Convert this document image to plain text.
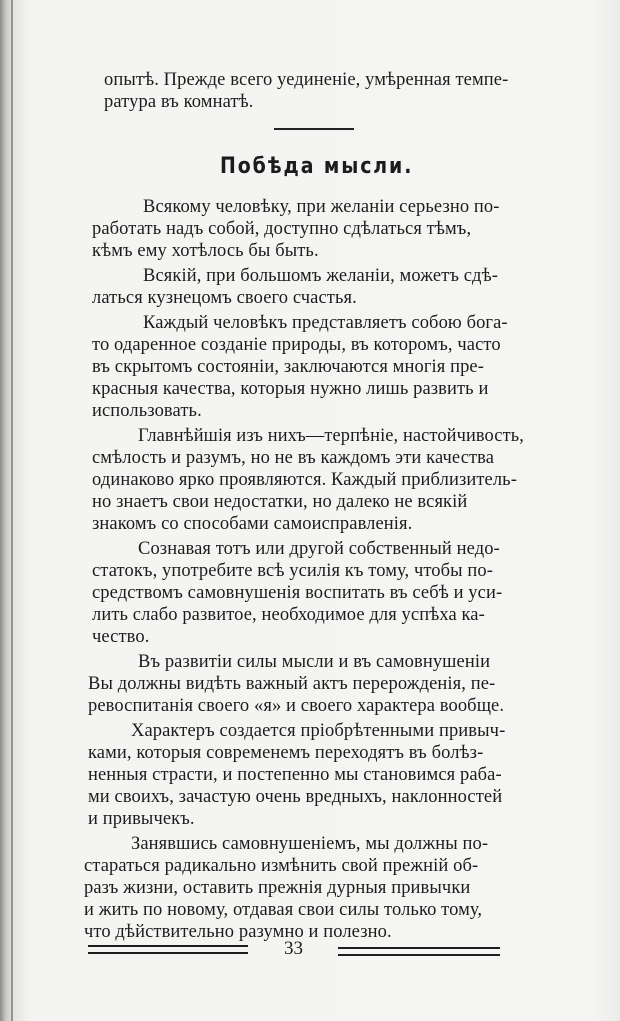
опытѣ. Прежде всего уединеніе, умѣренная темпе-
ратура въ комнатѣ.
Побѣда мысли.
Всякому человѣку, при желаніи серьезно по-
работать надъ собой, доступно сдѣлаться тѣмъ,
кѣмъ ему хотѣлось бы быть.
Всякій, при большомъ желаніи, можетъ сдѣ-
латься кузнецомъ своего счастья.
Каждый человѣкъ представляетъ собою бога-
то одаренное созданіе природы, въ которомъ, часто
въ скрытомъ состояніи, заключаются многія пре-
красныя качества, которыя нужно лишь развить и
использовать.
Главнѣйшія изъ нихъ—терпѣніе, настойчивость,
смѣлость и разумъ, но не въ каждомъ эти качества
одинаково ярко проявляются. Каждый приблизитель-
но знаетъ свои недостатки, но далеко не всякій
знакомъ со способами самоисправленія.
Сознавая тотъ или другой собственный недо-
статокъ, употребите всѣ усилія къ тому, чтобы по-
средствомъ самовнушенія воспитать въ себѣ и уси-
лить слабо развитое, необходимое для успѣха ка-
чество.
Въ развитіи силы мысли и въ самовнушеніи
Вы должны видѣть важный актъ перерожденія, пе-
ревоспитанія своего «я» и своего характера вообще.
Характеръ создается пріобрѣтенными привыч-
ками, которыя современемъ переходятъ въ болѣз-
ненныя страсти, и постепенно мы становимся раба-
ми своихъ, зачастую очень вредныхъ, наклонностей
и привычекъ.
Занявшись самовнушеніемъ, мы должны по-
стараться радикально измѣнить свой прежній об-
разъ жизни, оставить прежнія дурныя привычки
и жить по новому, отдавая свои силы только тому,
что дѣйствительно разумно и полезно.
33
